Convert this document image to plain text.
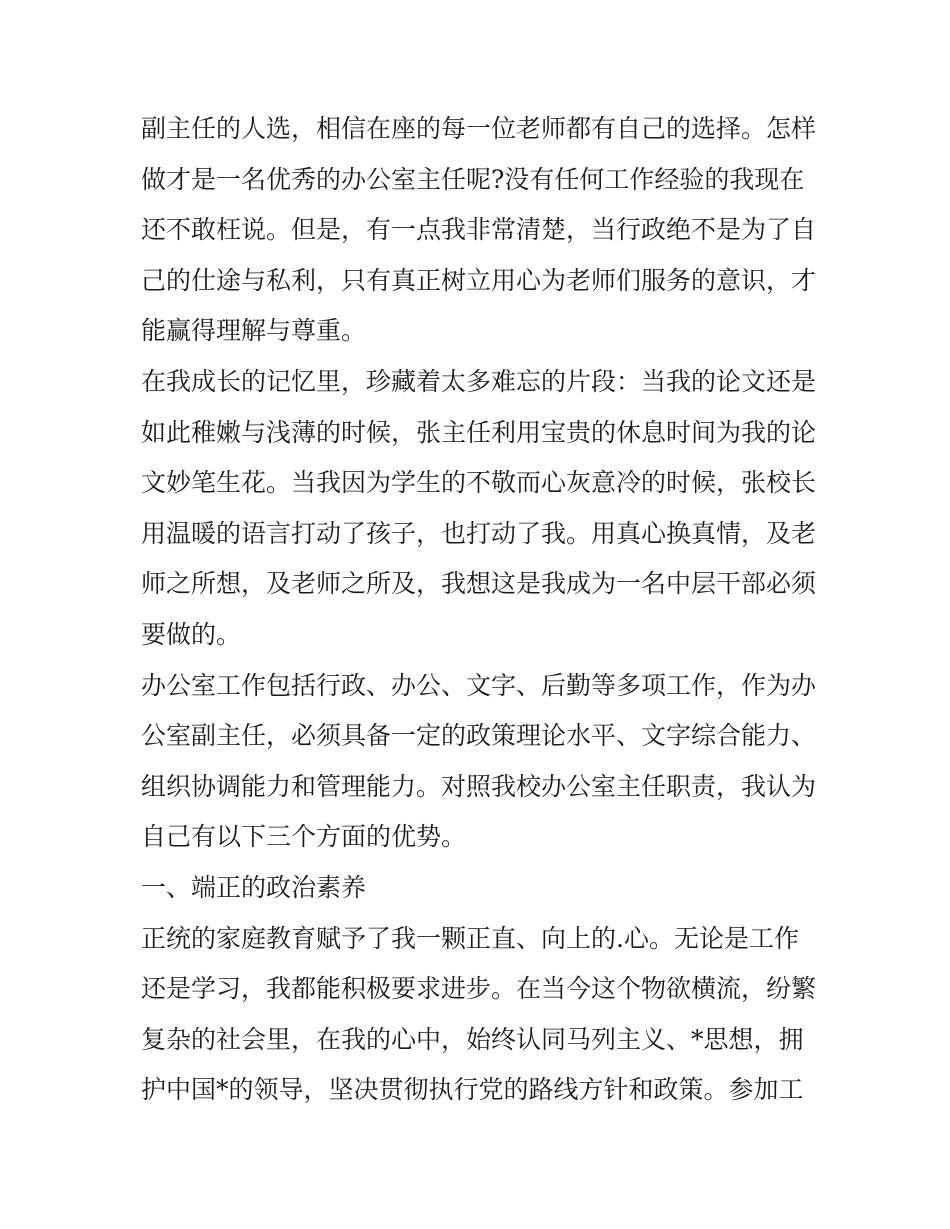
副主任的人选，相信在座的每一位老师都有自己的选择。怎样
做才是一名优秀的办公室主任呢?没有任何工作经验的我现在
还不敢枉说。但是，有一点我非常清楚，当行政绝不是为了自
己的仕途与私利，只有真正树立用心为老师们服务的意识，才
能赢得理解与尊重。
在我成长的记忆里，珍藏着太多难忘的片段：当我的论文还是
如此稚嫩与浅薄的时候，张主任利用宝贵的休息时间为我的论
文妙笔生花。当我因为学生的不敬而心灰意冷的时候，张校长
用温暖的语言打动了孩子，也打动了我。用真心换真情，及老
师之所想，及老师之所及，我想这是我成为一名中层干部必须
要做的。
办公室工作包括行政、办公、文字、后勤等多项工作，作为办
公室副主任，必须具备一定的政策理论水平、文字综合能力、
组织协调能力和管理能力。对照我校办公室主任职责，我认为
自己有以下三个方面的优势。
一、端正的政治素养
正统的家庭教育赋予了我一颗正直、向上的.心。无论是工作
还是学习，我都能积极要求进步。在当今这个物欲横流，纷繁
复杂的社会里，在我的心中，始终认同马列主义、*思想，拥
护中国*的领导，坚决贯彻执行党的路线方针和政策。参加工
